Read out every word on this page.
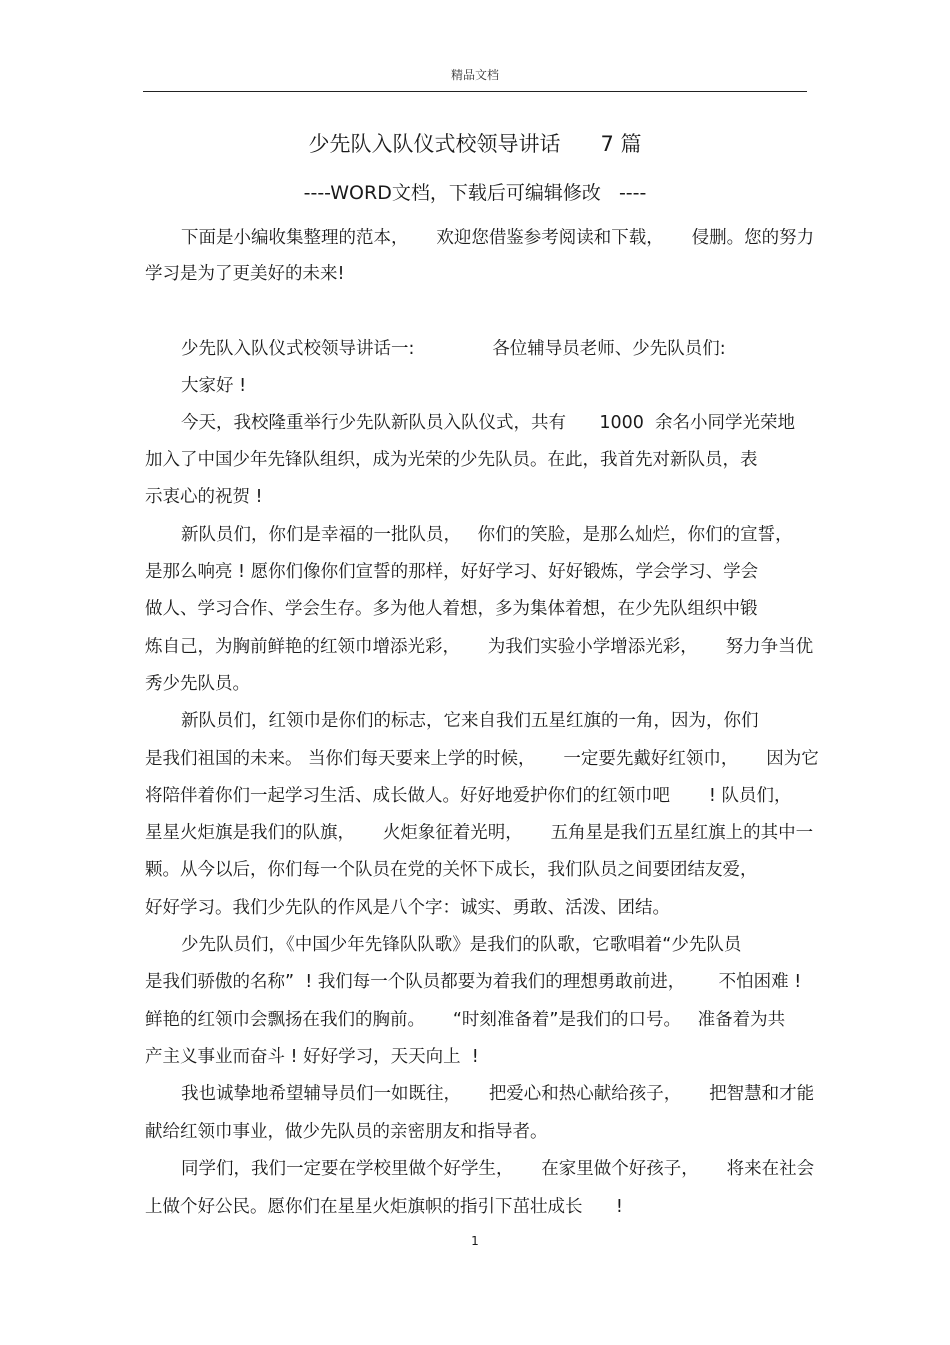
精品文档
少先队入队仪式校领导讲话      7 篇
----WORD文档，下载后可编辑修改   ----
下面是小编收集整理的范本，     欢迎您借鉴参考阅读和下载，     侵删。您的努力
学习是为了更美好的未来!
少先队入队仪式校领导讲话一:              各位辅导员老师、少先队员们:
大家好 !
今天，我校隆重举行少先队新队员入队仪式，共有      1000  余名小同学光荣地
加入了中国少年先锋队组织，成为光荣的少先队员。在此，我首先对新队员，表
示衷心的祝贺 !
新队员们，你们是幸福的一批队员，   你们的笑脸，是那么灿烂，你们的宣誓，
是那么响亮 ! 愿你们像你们宣誓的那样，好好学习、好好锻炼，学会学习、学会
做人、学习合作、学会生存。多为他人着想，多为集体着想，在少先队组织中锻
炼自己，为胸前鲜艳的红领巾增添光彩，     为我们实验小学增添光彩，     努力争当优
秀少先队员。
新队员们，红领巾是你们的标志，它来自我们五星红旗的一角，因为，你们
是我们祖国的未来。 当你们每天要来上学的时候，     一定要先戴好红领巾，     因为它
将陪伴着你们一起学习生活、成长做人。好好地爱护你们的红领巾吧       ! 队员们，
星星火炬旗是我们的队旗，     火炬象征着光明，     五角星是我们五星红旗上的其中一
颗。从今以后，你们每一个队员在党的关怀下成长，我们队员之间要团结友爱，
好好学习。我们少先队的作风是八个字：诚实、勇敢、活泼、团结。
少先队员们，《中国少年先锋队队歌》是我们的队歌，它歌唱着“少先队员
是我们骄傲的名称”  ! 我们每一个队员都要为着我们的理想勇敢前进，      不怕困难 !
鲜艳的红领巾会飘扬在我们的胸前。     “时刻准备着”是我们的口号。   准备着为共
产主义事业而奋斗 ! 好好学习，天天向上  !
我也诚挚地希望辅导员们一如既往，     把爱心和热心献给孩子，     把智慧和才能
献给红领巾事业，做少先队员的亲密朋友和指导者。
同学们，我们一定要在学校里做个好学生，     在家里做个好孩子，     将来在社会
上做个好公民。愿你们在星星火炬旗帜的指引下茁壮成长      !
1
